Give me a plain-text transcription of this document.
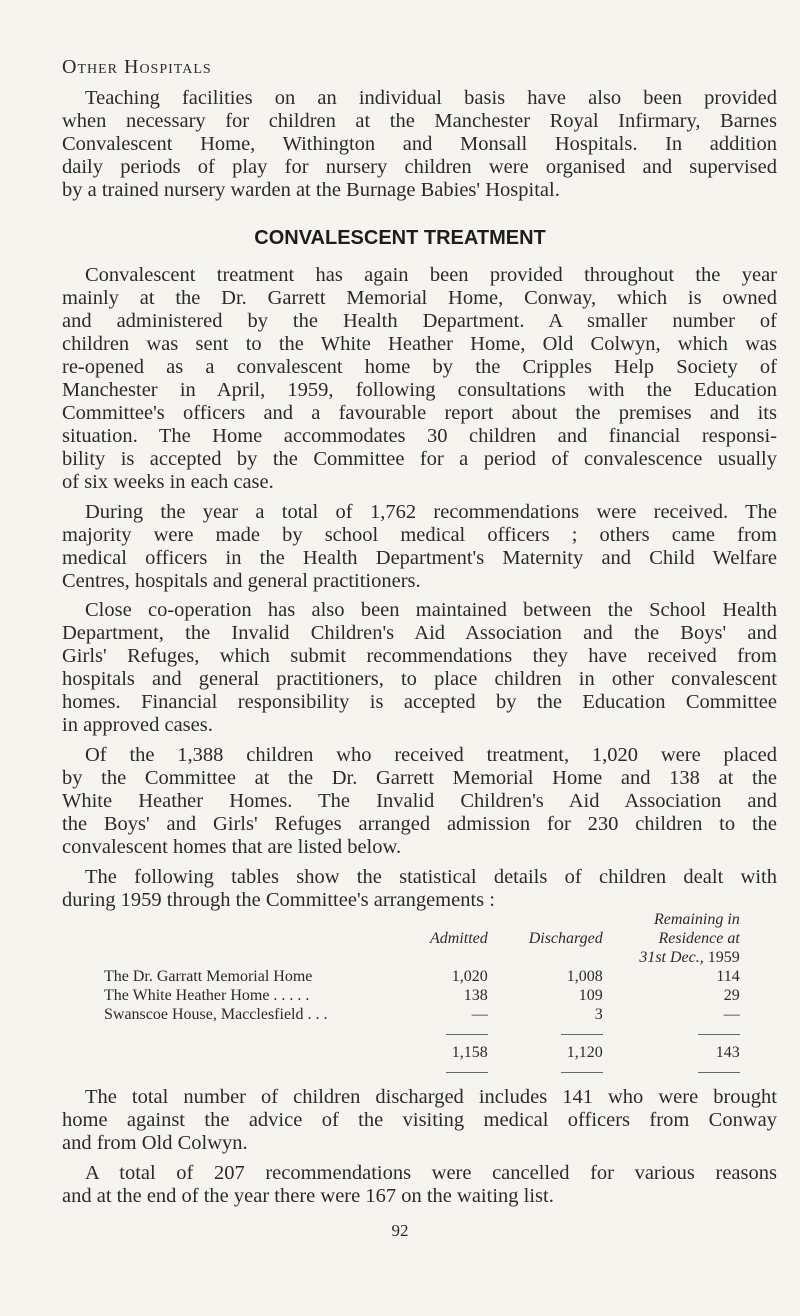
Other Hospitals
CONVALESCENT TREATMENT
Teaching facilities on an individual basis have also been provided
when necessary for children at the Manchester Royal Infirmary, Barnes
Convalescent Home, Withington and Monsall Hospitals. In addition
daily periods of play for nursery children were organised and supervised
by a trained nursery warden at the Burnage Babies' Hospital.
Convalescent treatment has again been provided throughout the year
mainly at the Dr. Garrett Memorial Home, Conway, which is owned
and administered by the Health Department. A smaller number of
children was sent to the White Heather Home, Old Colwyn, which was
re-opened as a convalescent home by the Cripples Help Society of
Manchester in April, 1959, following consultations with the Education
Committee's officers and a favourable report about the premises and its
situation. The Home accommodates 30 children and financial responsi-
bility is accepted by the Committee for a period of convalescence usually
of six weeks in each case.
During the year a total of 1,762 recommendations were received. The
majority were made by school medical officers ; others came from
medical officers in the Health Department's Maternity and Child Welfare
Centres, hospitals and general practitioners.
Close co-operation has also been maintained between the School Health
Department, the Invalid Children's Aid Association and the Boys' and
Girls' Refuges, which submit recommendations they have received from
hospitals and general practitioners, to place children in other convalescent
homes. Financial responsibility is accepted by the Education Committee
in approved cases.
Of the 1,388 children who received treatment, 1,020 were placed
by the Committee at the Dr. Garrett Memorial Home and 138 at the
White Heather Homes. The Invalid Children's Aid Association and
the Boys' and Girls' Refuges arranged admission for 230 children to the
convalescent homes that are listed below.
The following tables show the statistical details of children dealt with
during 1959 through the Committee's arrangements :
The total number of children discharged includes 141 who were brought
home against the advice of the visiting medical officers from Conway
and from Old Colwyn.
A total of 207 recommendations were cancelled for various reasons
and at the end of the year there were 167 on the waiting list.
			Remaining in	
	Admitted	Discharged	Residence at	
			31st Dec., 1959	
The Dr. Garratt Memorial Home	1,020	1,008	114	
The White Heather Home . . . . .	138	109	29	
Swanscoe House, Macclesfield . . .	—	3	—	

	1,158	1,120	143	

92
